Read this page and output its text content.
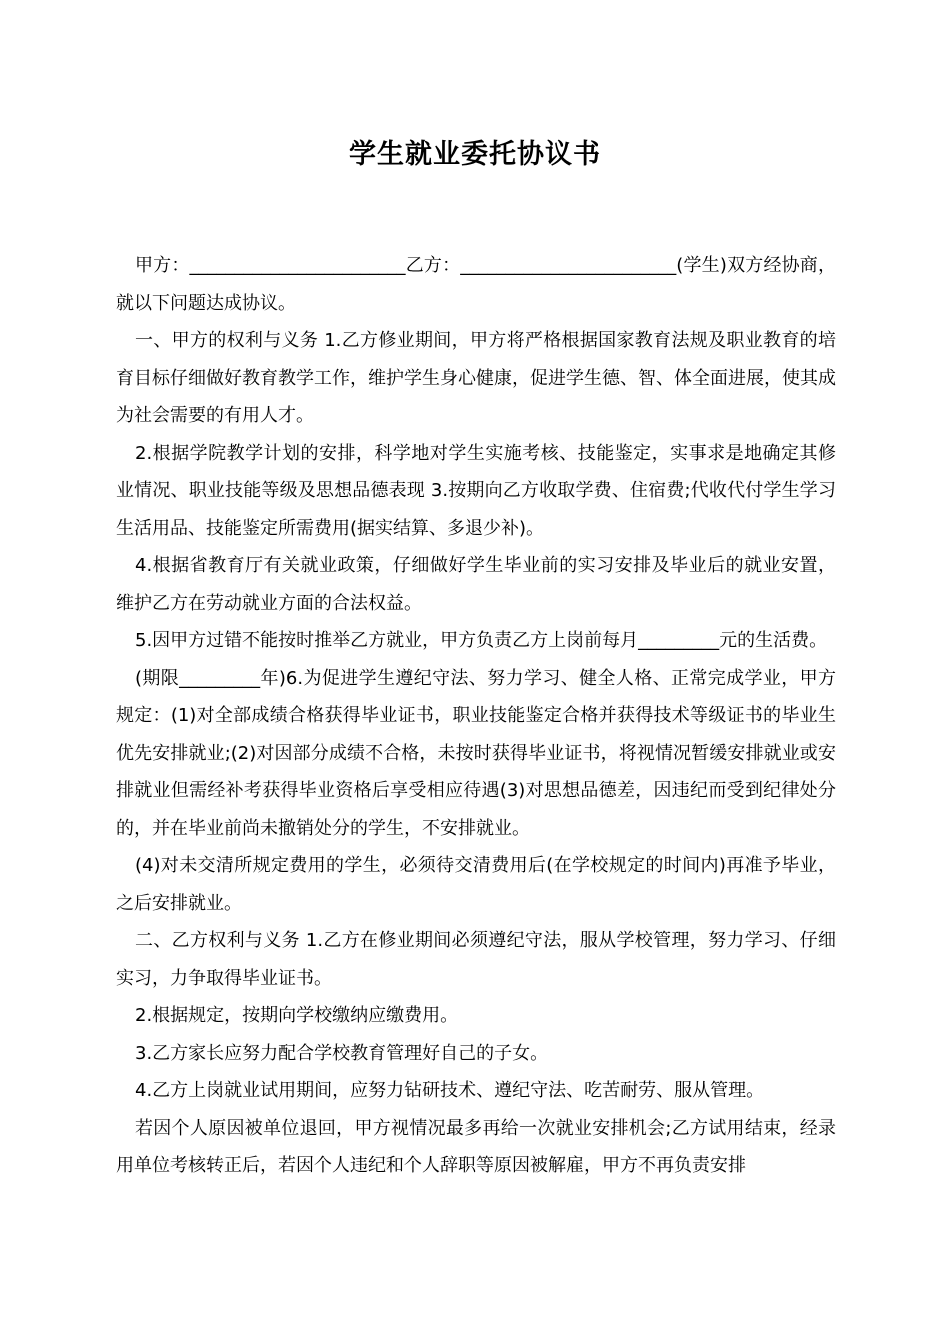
学生就业委托协议书

甲方：________________________乙方：________________________(学生)双方经协商，就以下问题达成协议。

一、甲方的权利与义务 1.乙方修业期间，甲方将严格根据国家教育法规及职业教育的培育目标仔细做好教育教学工作，维护学生身心健康，促进学生德、智、体全面进展，使其成为社会需要的有用人才。

2.根据学院教学计划的安排，科学地对学生实施考核、技能鉴定，实事求是地确定其修业情况、职业技能等级及思想品德表现 3.按期向乙方收取学费、住宿费;代收代付学生学习生活用品、技能鉴定所需费用(据实结算、多退少补)。

4.根据省教育厅有关就业政策，仔细做好学生毕业前的实习安排及毕业后的就业安置，维护乙方在劳动就业方面的合法权益。

5.因甲方过错不能按时推举乙方就业，甲方负责乙方上岗前每月_________元的生活费。

(期限_________年)6.为促进学生遵纪守法、努力学习、健全人格、正常完成学业，甲方规定：(1)对全部成绩合格获得毕业证书，职业技能鉴定合格并获得技术等级证书的毕业生优先安排就业;(2)对因部分成绩不合格，未按时获得毕业证书，将视情况暂缓安排就业或安排就业但需经补考获得毕业资格后享受相应待遇(3)对思想品德差，因违纪而受到纪律处分的，并在毕业前尚未撤销处分的学生，不安排就业。

(4)对未交清所规定费用的学生，必须待交清费用后(在学校规定的时间内)再准予毕业，之后安排就业。

二、乙方权利与义务 1.乙方在修业期间必须遵纪守法，服从学校管理，努力学习、仔细实习，力争取得毕业证书。

2.根据规定，按期向学校缴纳应缴费用。

3.乙方家长应努力配合学校教育管理好自己的子女。

4.乙方上岗就业试用期间，应努力钻研技术、遵纪守法、吃苦耐劳、服从管理。

若因个人原因被单位退回，甲方视情况最多再给一次就业安排机会;乙方试用结束，经录用单位考核转正后，若因个人违纪和个人辞职等原因被解雇，甲方不再负责安排
